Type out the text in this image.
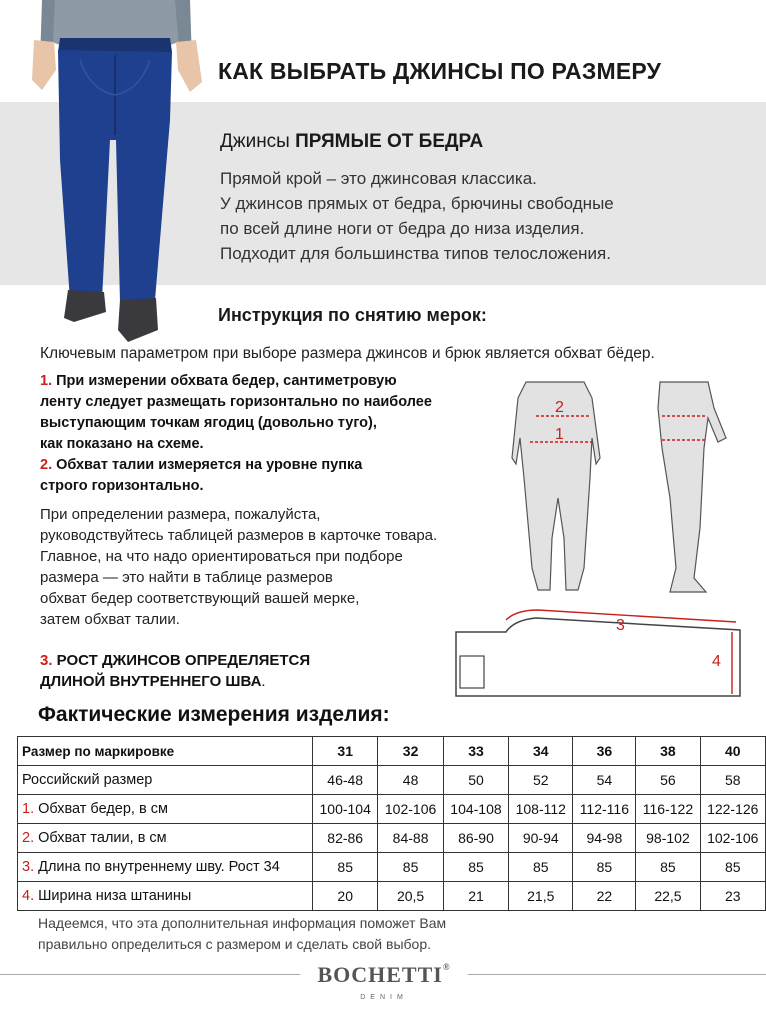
КАК ВЫБРАТЬ ДЖИНСЫ ПО РАЗМЕРУ
Джинсы ПРЯМЫЕ ОТ БЕДРА
Прямой крой – это джинсовая классика.
У джинсов прямых от бедра, брючины свободные
по всей длине ноги от бедра до низа изделия.
Подходит для большинства типов телосложения.
Инструкция по снятию мерок:
Ключевым параметром при выборе размера джинсов и брюк является обхват бёдер.
1. При измерении обхвата бедер, сантиметровую
ленту следует размещать горизонтально по наиболее
выступающим точкам ягодиц (довольно туго),
как показано на схеме.
2. Обхват талии измеряется на уровне пупка
строго горизонтально.
При определении размера, пожалуйста,
руководствуйтесь таблицей размеров в карточке товара.
Главное, на что надо ориентироваться при подборе
размера — это найти в таблице размеров
обхват бедер соответствующий вашей мерке,
затем обхват талии.
3. РОСТ ДЖИНСОВ ОПРЕДЕЛЯЕТСЯ
ДЛИНОЙ ВНУТРЕННЕГО ШВА.
2
1
3
4
Фактические измерения изделия:
Размер по маркировке	31	32	33	34	36	38	40
Российский размер	46-48	48	50	52	54	56	58
1. Обхват бедер, в см	100-104	102-106	104-108	108-112	112-116	116-122	122-126
2. Обхват талии, в см	82-86	84-88	86-90	90-94	94-98	98-102	102-106
3. Длина по внутреннему шву. Рост 34	85	85	85	85	85	85	85
4. Ширина низа штанины	20	20,5	21	21,5	22	22,5	23
Надеемся, что эта дополнительная информация поможет Вам
правильно определиться с размером и сделать свой выбор.
BOCHETTI®
DENIM
